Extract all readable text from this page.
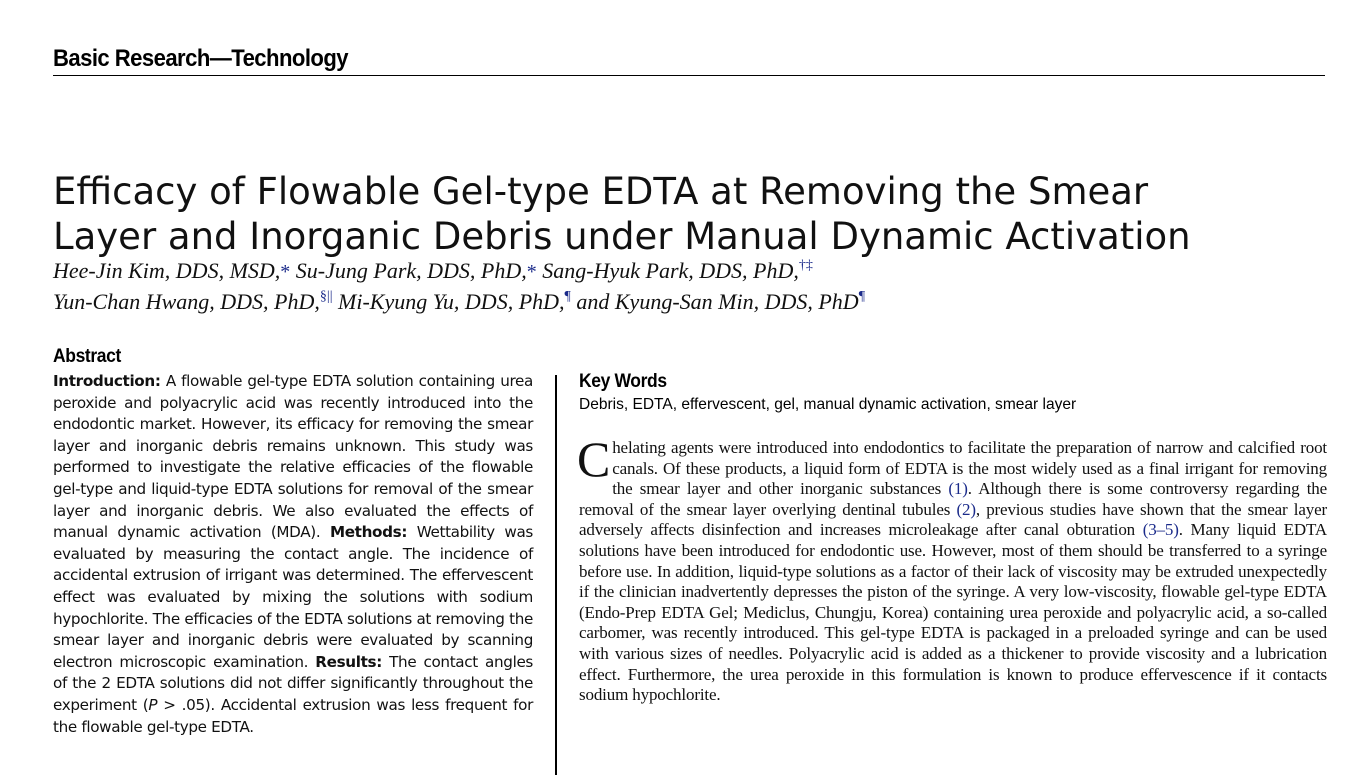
Basic Research—Technology
Efficacy of Flowable Gel-type EDTA at Removing the Smear
Layer and Inorganic Debris under Manual Dynamic Activation
Hee-Jin Kim, DDS, MSD,* Su-Jung Park, DDS, PhD,* Sang-Hyuk Park, DDS, PhD,†‡
Yun-Chan Hwang, DDS, PhD,§|| Mi-Kyung Yu, DDS, PhD,¶ and Kyung-San Min, DDS, PhD¶
Abstract

Introduction: A flowable gel-type EDTA solution containing urea peroxide and polyacrylic acid was recently introduced into the endodontic market. However, its efficacy for removing the smear layer and inorganic debris remains unknown. This study was performed to investigate the relative efficacies of the flowable gel-type and liquid-type EDTA solutions for removal of the smear layer and inorganic debris. We also evaluated the effects of manual dynamic activation (MDA). Methods: Wettability was evaluated by measuring the contact angle. The incidence of accidental extrusion of irrigant was determined. The effervescent effect was evaluated by mixing the solutions with sodium hypochlorite. The efficacies of the EDTA solutions at removing the smear layer and inorganic debris were evaluated by scanning electron microscopic examination. Results: The contact angles of the 2 EDTA solutions did not differ significantly throughout the experiment (P > .05). Accidental extrusion was less frequent for the flowable gel-type EDTA.

Key Words
Debris, EDTA, effervescent, gel, manual dynamic activation, smear layer

Chelating agents were introduced into endodontics to facilitate the preparation of narrow and calcified root canals. Of these products, a liquid form of EDTA is the most widely used as a final irrigant for removing the smear layer and other inorganic substances (1). Although there is some controversy regarding the removal of the smear layer overlying dentinal tubules (2), previous studies have shown that the smear layer adversely affects disinfection and increases microleakage after canal obturation (3–5). Many liquid EDTA solutions have been introduced for endodontic use. However, most of them should be transferred to a syringe before use. In addition, liquid-type solutions as a factor of their lack of viscosity may be extruded unexpectedly if the clinician inadvertently depresses the piston of the syringe. A very low-viscosity, flowable gel-type EDTA (Endo-Prep EDTA Gel; Mediclus, Chungju, Korea) containing urea peroxide and polyacrylic acid, a so-called carbomer, was recently introduced. This gel-type EDTA is packaged in a preloaded syringe and can be used with various sizes of needles. Polyacrylic acid is added as a thickener to provide viscosity and a lubrication effect. Furthermore, the urea peroxide in this formulation is known to produce effervescence if it contacts sodium hypochlorite.
